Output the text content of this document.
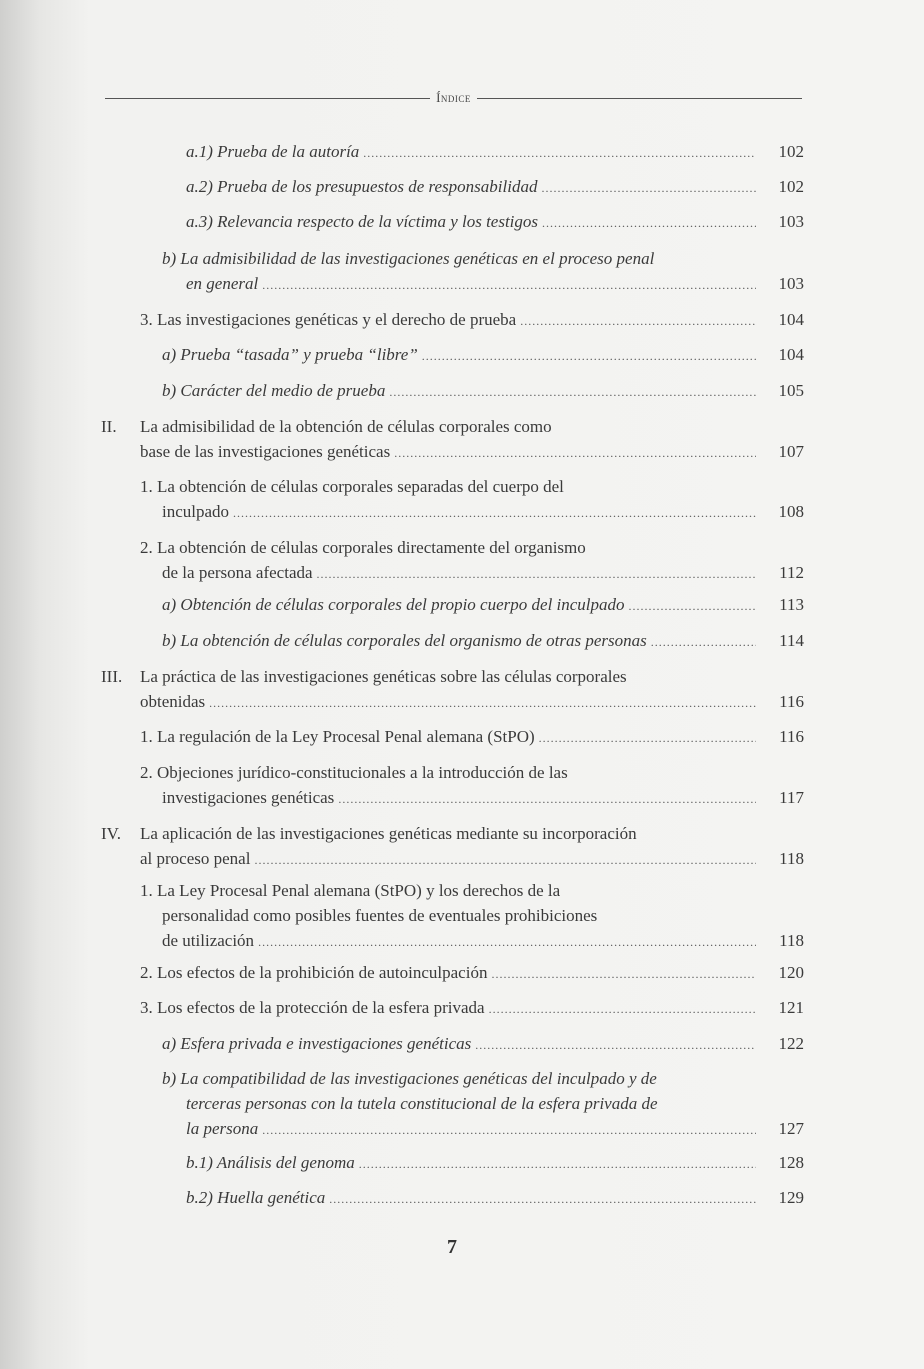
Índice
a.1) Prueba de la autoría .....	102
a.2) Prueba de los presupuestos de responsabilidad .....	102
a.3) Relevancia respecto de la víctima y los testigos .....	103
b) La admisibilidad de las investigaciones genéticas en el proceso penal
en general .....	103
3. Las investigaciones genéticas y el derecho de prueba .....	104
a) Prueba “tasada” y prueba “libre” .....	104
b) Carácter del medio de prueba .....	105
II. La admisibilidad de la obtención de células corporales como
base de las investigaciones genéticas .....	107
1. La obtención de células corporales separadas del cuerpo del
inculpado .....	108
2. La obtención de células corporales directamente del organismo
de la persona afectada .....	112
a) Obtención de células corporales del propio cuerpo del inculpado .....	113
b) La obtención de células corporales del organismo de otras personas .....	114
III. La práctica de las investigaciones genéticas sobre las células corporales
obtenidas .....	116
1. La regulación de la Ley Procesal Penal alemana (StPO) .....	116
2. Objeciones jurídico-constitucionales a la introducción de las
investigaciones genéticas .....	117
IV. La aplicación de las investigaciones genéticas mediante su incorporación
al proceso penal .....	118
1. La Ley Procesal Penal alemana (StPO) y los derechos de la
personalidad como posibles fuentes de eventuales prohibiciones
de utilización .....	118
2. Los efectos de la prohibición de autoinculpación .....	120
3. Los efectos de la protección de la esfera privada .....	121
a) Esfera privada e investigaciones genéticas .....	122
b) La compatibilidad de las investigaciones genéticas del inculpado y de
terceras personas con la tutela constitucional de la esfera privada de
la persona .....	127
b.1) Análisis del genoma .....	128
b.2) Huella genética .....	129
7
